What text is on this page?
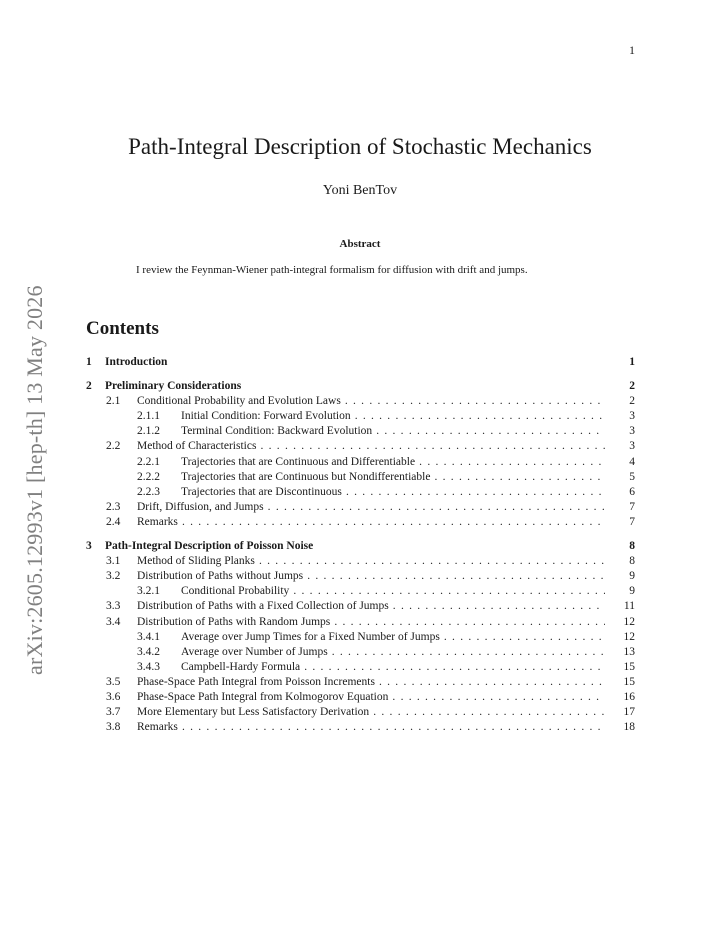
1
arXiv:2605.12993v1 [hep-th] 13 May 2026
Path-Integral Description of Stochastic Mechanics
Yoni BenTov
Abstract
I review the Feynman-Wiener path-integral formalism for diffusion with drift and jumps.
Contents
1 Introduction	1
2 Preliminary Considerations	2
2.1 Conditional Probability and Evolution Laws . . .	2
2.1.1 Initial Condition: Forward Evolution . . .	3
2.1.2 Terminal Condition: Backward Evolution . . .	3
2.2 Method of Characteristics . . .	3
2.2.1 Trajectories that are Continuous and Differentiable . . .	4
2.2.2 Trajectories that are Continuous but Nondifferentiable . . .	5
2.2.3 Trajectories that are Discontinuous . . .	6
2.3 Drift, Diffusion, and Jumps . . .	7
2.4 Remarks . . .	7
3 Path-Integral Description of Poisson Noise	8
3.1 Method of Sliding Planks . . .	8
3.2 Distribution of Paths without Jumps . . .	9
3.2.1 Conditional Probability . . .	9
3.3 Distribution of Paths with a Fixed Collection of Jumps . . .	11
3.4 Distribution of Paths with Random Jumps . . .	12
3.4.1 Average over Jump Times for a Fixed Number of Jumps . . .	12
3.4.2 Average over Number of Jumps . . .	13
3.4.3 Campbell-Hardy Formula . . .	15
3.5 Phase-Space Path Integral from Poisson Increments . . .	15
3.6 Phase-Space Path Integral from Kolmogorov Equation . . .	16
3.7 More Elementary but Less Satisfactory Derivation . . .	17
3.8 Remarks . . .	18
